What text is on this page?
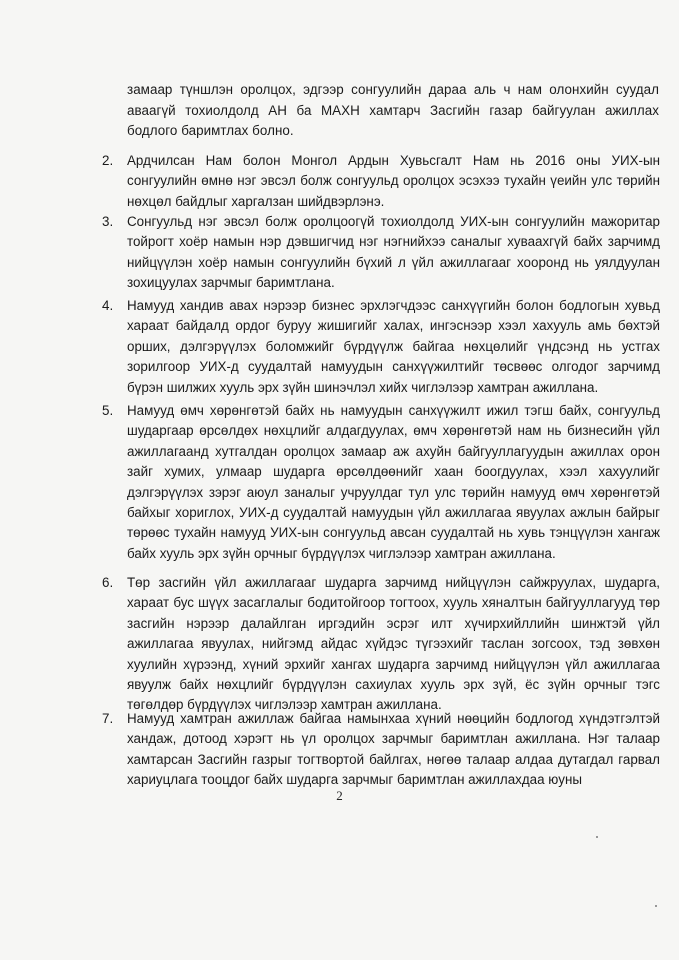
замаар түншлэн оролцох, эдгээр сонгуулийн дараа аль ч нам олонхийн суудал аваагүй тохиолдолд АН ба МАХН хамтарч Засгийн газар байгуулан ажиллах бодлого баримтлах болно.
2.	Ардчилсан Нам болон Монгол Ардын Хувьсгалт Нам нь 2016 оны УИХ-ын сонгуулийн өмнө нэг эвсэл болж сонгуульд оролцох эсэхээ тухайн үеийн улс төрийн нөхцөл байдлыг харгалзан шийдвэрлэнэ.
3.	Сонгуульд нэг эвсэл болж оролцоогүй тохиолдолд УИХ-ын сонгуулийн мажоритар тойрогт хоёр намын нэр дэвшигчид нэг нэгнийхээ саналыг хуваахгүй байх зарчимд нийцүүлэн хоёр намын сонгуулийн бүхий л үйл ажиллагааг хооронд нь уялдуулан зохицуулах зарчмыг баримтлана.
4.	Намууд хандив авах нэрээр бизнес эрхлэгчдээс санхүүгийн болон бодлогын хувьд хараат байдалд ордог буруу жишигийг халах, ингэснээр хээл хахууль амь бөхтэй орших, дэлгэрүүлэх боломжийг бүрдүүлж байгаа нөхцөлийг үндсэнд нь устгах зорилгоор УИХ-д суудалтай намуудын санхүүжилтийг төсвөөс олгодог зарчимд бүрэн шилжих хууль эрх зүйн шинэчлэл хийх чиглэлээр хамтран ажиллана.
5.	Намууд өмч хөрөнгөтэй байх нь намуудын санхүүжилт ижил тэгш байх, сонгуульд шударгаар өрсөлдөх нөхцлийг алдагдуулах, өмч хөрөнгөтэй нам нь бизнесийн үйл ажиллагаанд хутгалдан оролцох замаар аж ахуйн байгууллагуудын ажиллах орон зайг хумих, улмаар шударга өрсөлдөөнийг хаан боогдуулах, хээл хахуулийг дэлгэрүүлэх зэрэг аюул заналыг учруулдаг тул улс төрийн намууд өмч хөрөнгөтэй байхыг хориглох, УИХ-д суудалтай намуудын үйл ажиллагаа явуулах ажлын байрыг төрөөс тухайн намууд УИХ-ын сонгуульд авсан суудалтай нь хувь тэнцүүлэн хангаж байх хууль эрх зүйн орчныг бүрдүүлэх чиглэлээр хамтран ажиллана.
6.	Төр засгийн үйл ажиллагааг шударга зарчимд нийцүүлэн сайжруулах, шударга, хараат бус шүүх засаглалыг бодитойгоор тогтоох, хууль хяналтын байгууллагууд төр засгийн нэрээр далайлган иргэдийн эсрэг илт хүчирхийллийн шинжтэй үйл ажиллагаа явуулах, нийгэмд айдас хүйдэс түгээхийг таслан зогсоох, тэд зөвхөн хуулийн хүрээнд, хүний эрхийг хангах шударга зарчимд нийцүүлэн үйл ажиллагаа явуулж байх нөхцлийг бүрдүүлэн сахиулах хууль эрх зүй, ёс зүйн орчныг тэгс төгөлдөр бүрдүүлэх чиглэлээр хамтран ажиллана.
7.	Намууд хамтран ажиллаж байгаа намынхаа хүний нөөцийн бодлогод хүндэтгэлтэй хандаж, дотоод хэрэгт нь үл оролцох зарчмыг баримтлан ажиллана. Нэг талаар хамтарсан Засгийн газрыг тогтвортой байлгах, нөгөө талаар алдаа дутагдал гарвал хариуцлага тооцдог байх шударга зарчмыг баримтлан ажиллахдаа юуны
2
